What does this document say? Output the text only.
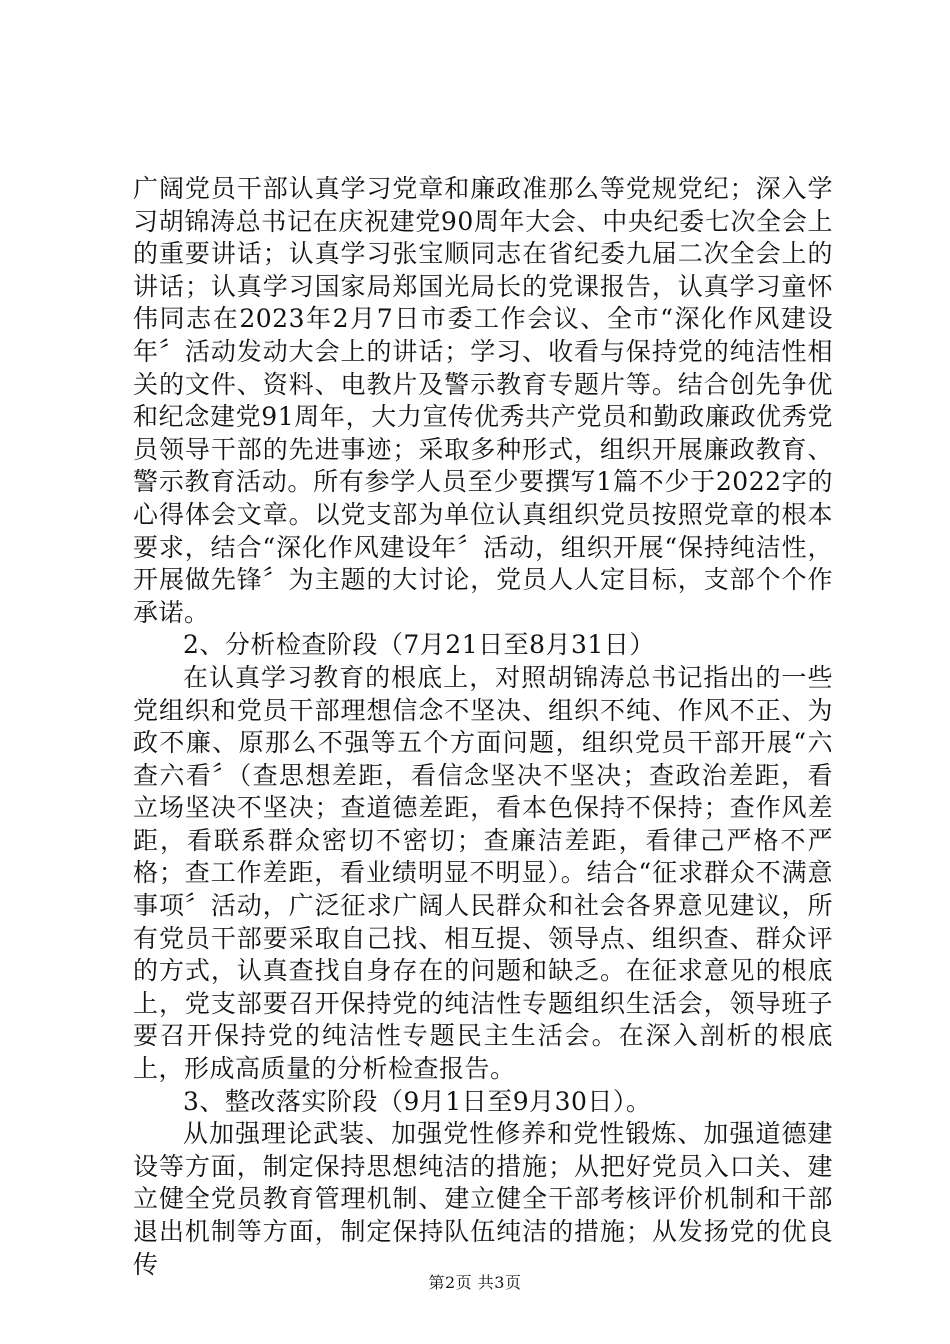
广阔党员干部认真学习党章和廉政准那么等党规党纪；深入学习胡锦涛总书记在庆祝建党90周年大会、中央纪委七次全会上的重要讲话；认真学习张宝顺同志在省纪委九届二次全会上的讲话；认真学习国家局郑国光局长的党课报告，认真学习童怀伟同志在2023年2月7日市委工作会议、全市“深化作风建设年〞活动发动大会上的讲话；学习、收看与保持党的纯洁性相关的文件、资料、电教片及警示教育专题片等。结合创先争优和纪念建党91周年，大力宣传优秀共产党员和勤政廉政优秀党员领导干部的先进事迹；采取多种形式，组织开展廉政教育、警示教育活动。所有参学人员至少要撰写1篇不少于2022字的心得体会文章。以党支部为单位认真组织党员按照党章的根本要求，结合“深化作风建设年〞活动，组织开展“保持纯洁性，开展做先锋〞为主题的大讨论，党员人人定目标，支部个个作承诺。

2、分析检查阶段（7月21日至8月31日）

在认真学习教育的根底上，对照胡锦涛总书记指出的一些党组织和党员干部理想信念不坚决、组织不纯、作风不正、为政不廉、原那么不强等五个方面问题，组织党员干部开展“六查六看〞（查思想差距，看信念坚决不坚决；查政治差距，看立场坚决不坚决；查道德差距，看本色保持不保持；查作风差距，看联系群众密切不密切；查廉洁差距，看律己严格不严格；查工作差距，看业绩明显不明显）。结合“征求群众不满意事项〞活动，广泛征求广阔人民群众和社会各界意见建议，所有党员干部要采取自己找、相互提、领导点、组织查、群众评的方式，认真查找自身存在的问题和缺乏。在征求意见的根底上，党支部要召开保持党的纯洁性专题组织生活会，领导班子要召开保持党的纯洁性专题民主生活会。在深入剖析的根底上，形成高质量的分析检查报告。

3、整改落实阶段（9月1日至9月30日）。

从加强理论武装、加强党性修养和党性锻炼、加强道德建设等方面，制定保持思想纯洁的措施；从把好党员入口关、建立健全党员教育管理机制、建立健全干部考核评价机制和干部退出机制等方面，制定保持队伍纯洁的措施；从发扬党的优良传

第2页 共3页
